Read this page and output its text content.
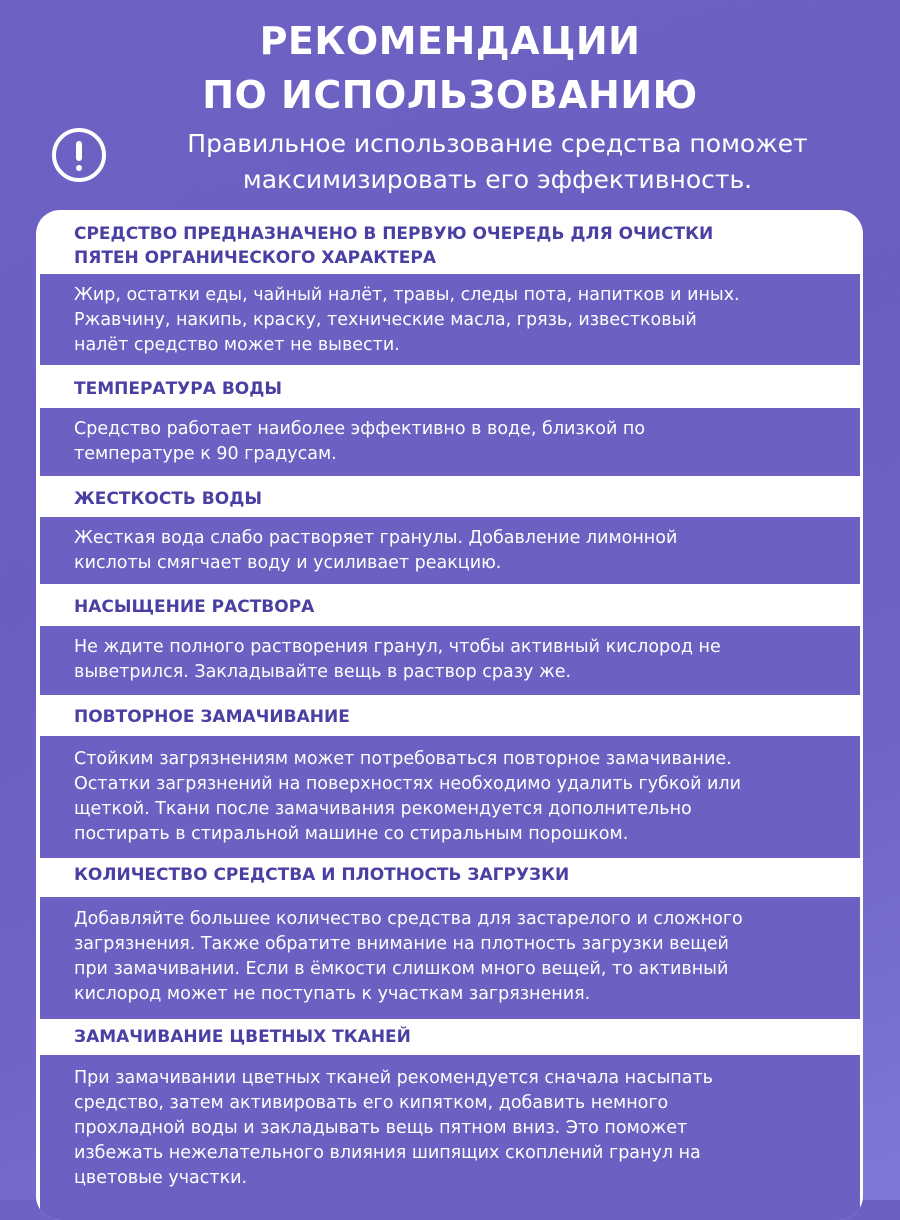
РЕКОМЕНДАЦИИ
ПО ИСПОЛЬЗОВАНИЮ
Правильное использование средства поможет
максимизировать его эффективность.
СРЕДСТВО ПРЕДНАЗНАЧЕНО В ПЕРВУЮ ОЧЕРЕДЬ ДЛЯ ОЧИСТКИ
ПЯТЕН ОРГАНИЧЕСКОГО ХАРАКТЕРА
Жир, остатки еды, чайный налёт, травы, следы пота, напитков и иных.
Ржавчину, накипь, краску, технические масла, грязь, известковый
налёт средство может не вывести.
ТЕМПЕРАТУРА ВОДЫ
Средство работает наиболее эффективно в воде, близкой по
температуре к 90 градусам.
ЖЕСТКОСТЬ ВОДЫ
Жесткая вода слабо растворяет гранулы. Добавление лимонной
кислоты смягчает воду и усиливает реакцию.
НАСЫЩЕНИЕ РАСТВОРА
Не ждите полного растворения гранул, чтобы активный кислород не
выветрился. Закладывайте вещь в раствор сразу же.
ПОВТОРНОЕ ЗАМАЧИВАНИЕ
Стойким загрязнениям может потребоваться повторное замачивание.
Остатки загрязнений на поверхностях необходимо удалить губкой или
щеткой. Ткани после замачивания рекомендуется дополнительно
постирать в стиральной машине со стиральным порошком.
КОЛИЧЕСТВО СРЕДСТВА И ПЛОТНОСТЬ ЗАГРУЗКИ
Добавляйте большее количество средства для застарелого и сложного
загрязнения. Также обратите внимание на плотность загрузки вещей
при замачивании. Если в ёмкости слишком много вещей, то активный
кислород может не поступать к участкам загрязнения.
ЗАМАЧИВАНИЕ ЦВЕТНЫХ ТКАНЕЙ
При замачивании цветных тканей рекомендуется сначала насыпать
средство, затем активировать его кипятком, добавить немного
прохладной воды и закладывать вещь пятном вниз. Это поможет
избежать нежелательного влияния шипящих скоплений гранул на
цветовые участки.
